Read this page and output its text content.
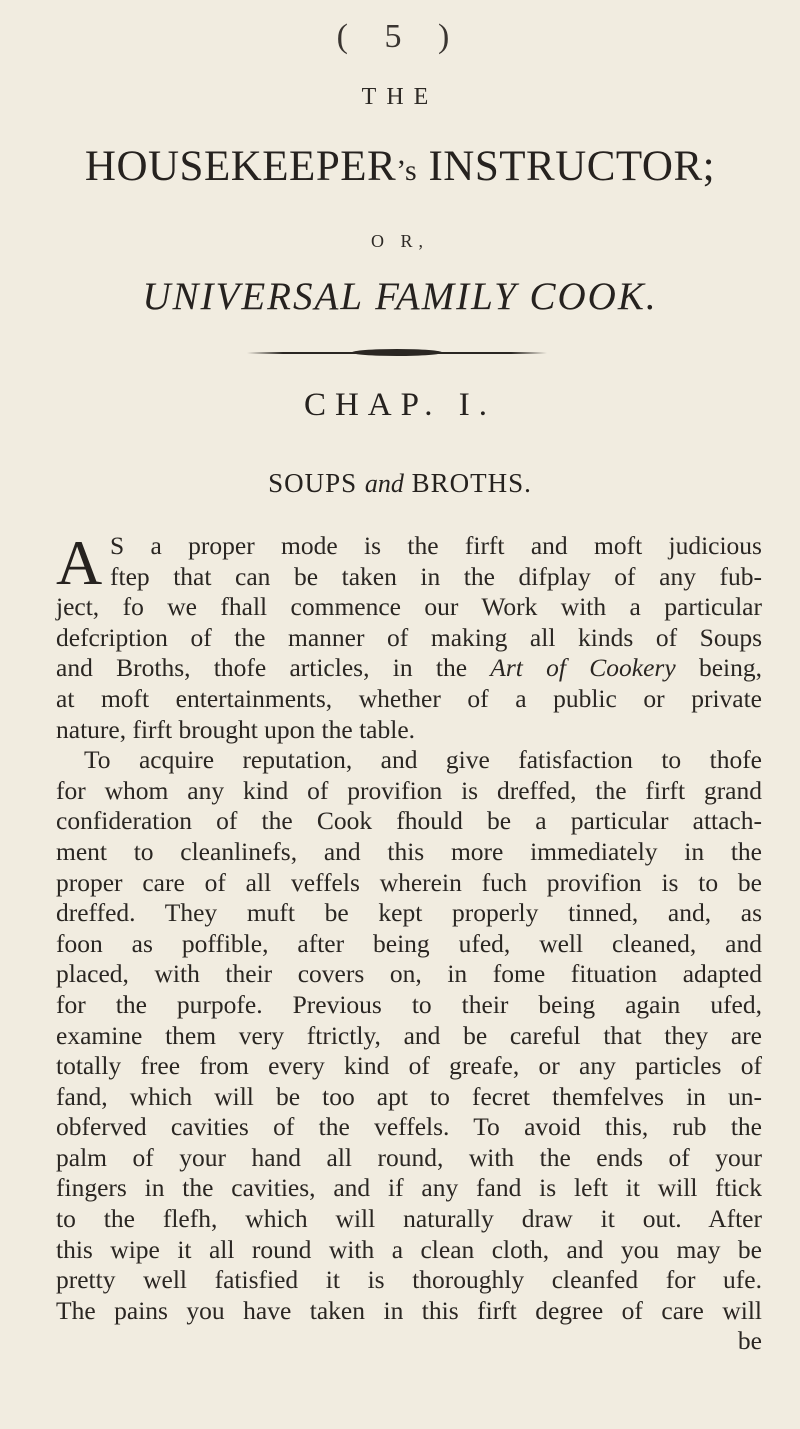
( 5 )
THE
HOUSEKEEPER’s INSTRUCTOR;
O R,
UNIVERSAL FAMILY COOK.
CHAP. I.
SOUPS and BROTHS.
A S a proper mode is the firft and moft judicious
ftep that can be taken in the difplay of any fub-
ject, fo we fhall commence our Work with a particular
defcription of the manner of making all kinds of Soups
and Broths, thofe articles, in the Art of Cookery being,
at moft entertainments, whether of a public or private
nature, firft brought upon the table.
To acquire reputation, and give fatisfaction to thofe
for whom any kind of provifion is dreffed, the firft grand
confideration of the Cook fhould be a particular attach-
ment to cleanlinefs, and this more immediately in the
proper care of all veffels wherein fuch provifion is to be
dreffed. They muft be kept properly tinned, and, as
foon as poffible, after being ufed, well cleaned, and
placed, with their covers on, in fome fituation adapted
for the purpofe. Previous to their being again ufed,
examine them very ftrictly, and be careful that they are
totally free from every kind of greafe, or any particles of
fand, which will be too apt to fecret themfelves in un-
obferved cavities of the veffels. To avoid this, rub the
palm of your hand all round, with the ends of your
fingers in the cavities, and if any fand is left it will ftick
to the flefh, which will naturally draw it out. After
this wipe it all round with a clean cloth, and you may be
pretty well fatisfied it is thoroughly cleanfed for ufe.
The pains you have taken in this firft degree of care will
be
